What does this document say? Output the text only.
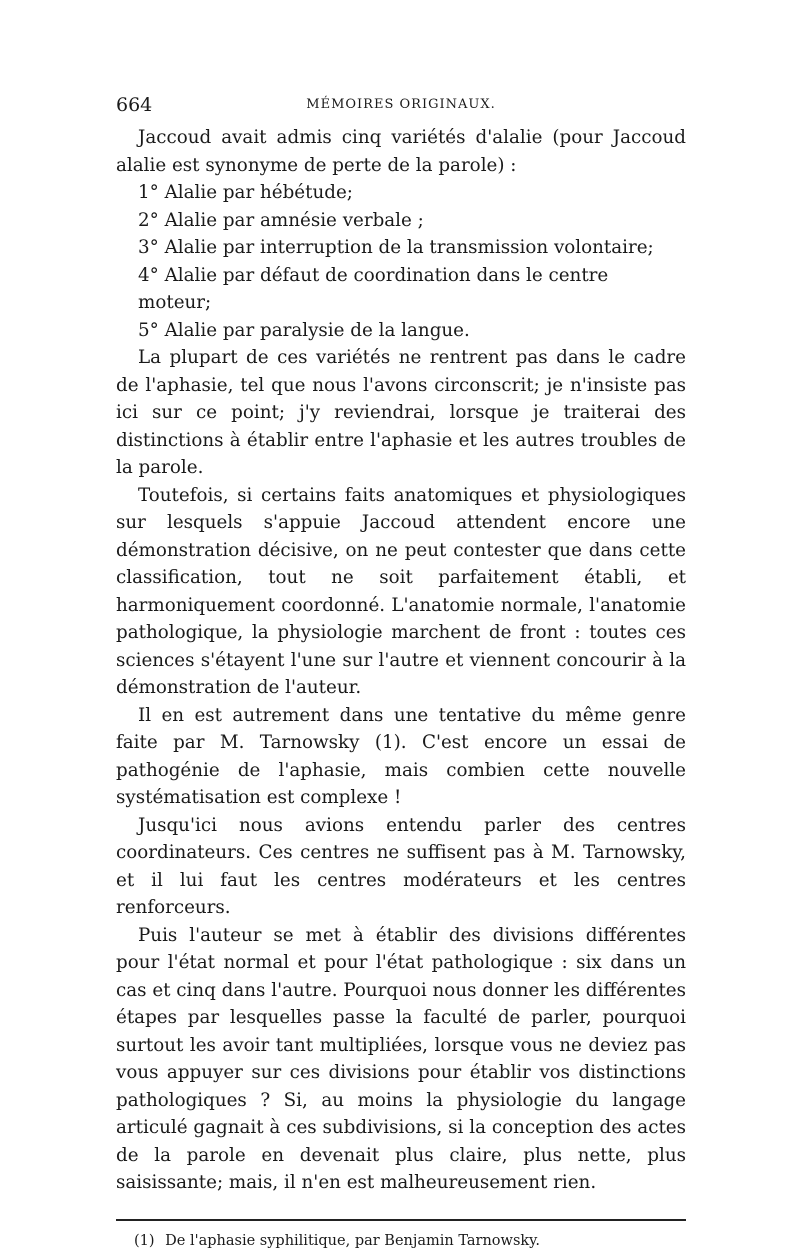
664	MÉMOIRES ORIGINAUX.

Jaccoud avait admis cinq variétés d'alalie (pour Jaccoud alalie est synonyme de perte de la parole) :

1° Alalie par hébétude;

2° Alalie par amnésie verbale ;

3° Alalie par interruption de la transmission volontaire;

4° Alalie par défaut de coordination dans le centre moteur;

5° Alalie par paralysie de la langue.

La plupart de ces variétés ne rentrent pas dans le cadre de l'aphasie, tel que nous l'avons circonscrit; je n'insiste pas ici sur ce point; j'y reviendrai, lorsque je traiterai des distinctions à établir entre l'aphasie et les autres troubles de la parole.

Toutefois, si certains faits anatomiques et physiologiques sur lesquels s'appuie Jaccoud attendent encore une démonstration décisive, on ne peut contester que dans cette classification, tout ne soit parfaitement établi, et harmoniquement coordonné. L'anatomie normale, l'anatomie pathologique, la physiologie marchent de front : toutes ces sciences s'étayent l'une sur l'autre et viennent concourir à la démonstration de l'auteur.

Il en est autrement dans une tentative du même genre faite par M. Tarnowsky (1). C'est encore un essai de pathogénie de l'aphasie, mais combien cette nouvelle systématisation est complexe !

Jusqu'ici nous avions entendu parler des centres coordinateurs. Ces centres ne suffisent pas à M. Tarnowsky, et il lui faut les centres modérateurs et les centres renforceurs.

Puis l'auteur se met à établir des divisions différentes pour l'état normal et pour l'état pathologique : six dans un cas et cinq dans l'autre. Pourquoi nous donner les différentes étapes par lesquelles passe la faculté de parler, pourquoi surtout les avoir tant multipliées, lorsque vous ne deviez pas vous appuyer sur ces divisions pour établir vos distinctions pathologiques ? Si, au moins la physiologie du langage articulé gagnait à ces subdivisions, si la conception des actes de la parole en devenait plus claire, plus nette, plus saisissante; mais, il n'en est malheureusement rien.

(1) De l'aphasie syphilitique, par Benjamin Tarnowsky.
